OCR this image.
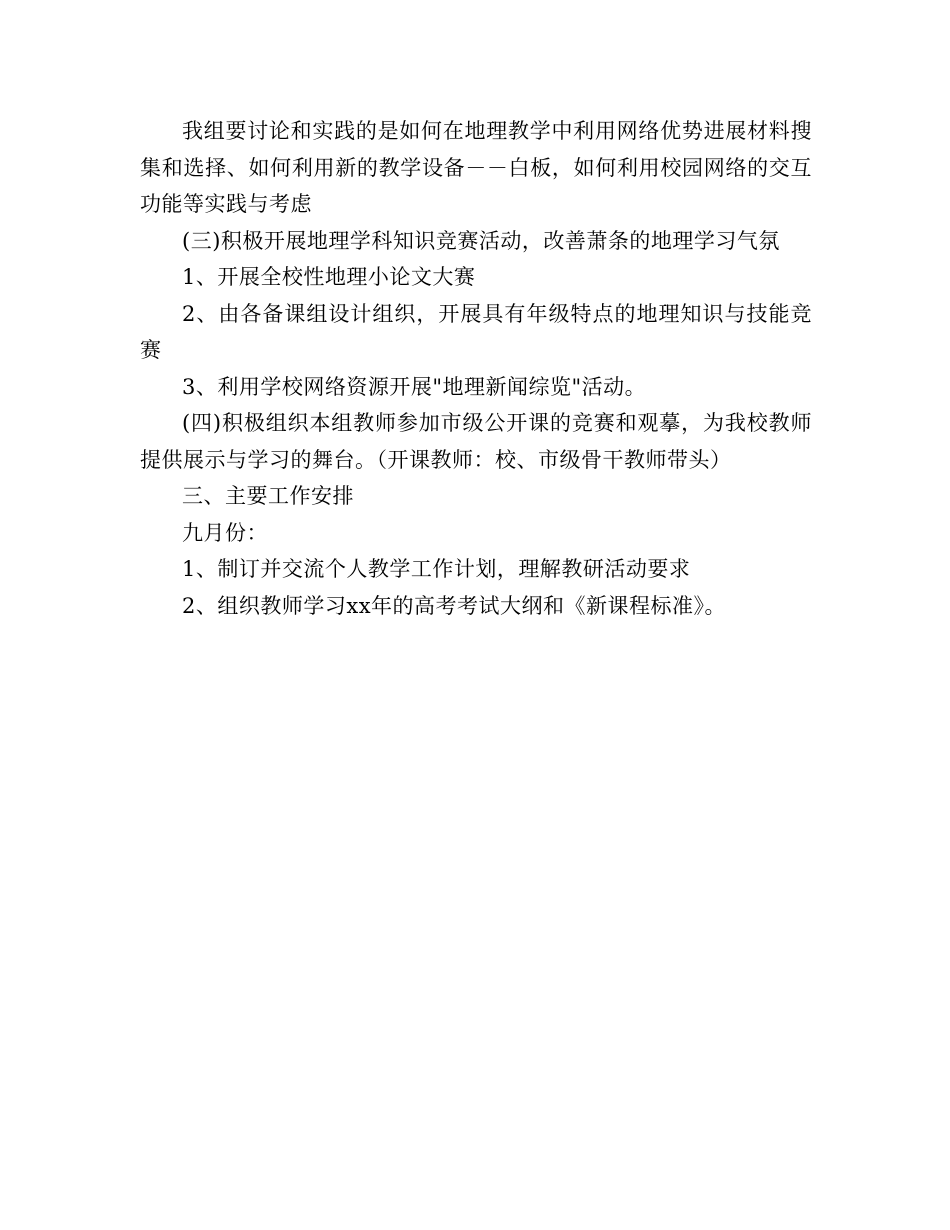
我组要讨论和实践的是如何在地理教学中利用网络优势进展材料搜集和选择、如何利用新的教学设备－－白板，如何利用校园网络的交互功能等实践与考虑

(三)积极开展地理学科知识竞赛活动，改善萧条的地理学习气氛

1、开展全校性地理小论文大赛

2、由各备课组设计组织，开展具有年级特点的地理知识与技能竞赛

3、利用学校网络资源开展"地理新闻综览"活动。

(四)积极组织本组教师参加市级公开课的竞赛和观摹，为我校教师提供展示与学习的舞台。（开课教师：校、市级骨干教师带头）

三、主要工作安排

九月份：

1、制订并交流个人教学工作计划，理解教研活动要求

2、组织教师学习xx年的高考考试大纲和《新课程标准》。
